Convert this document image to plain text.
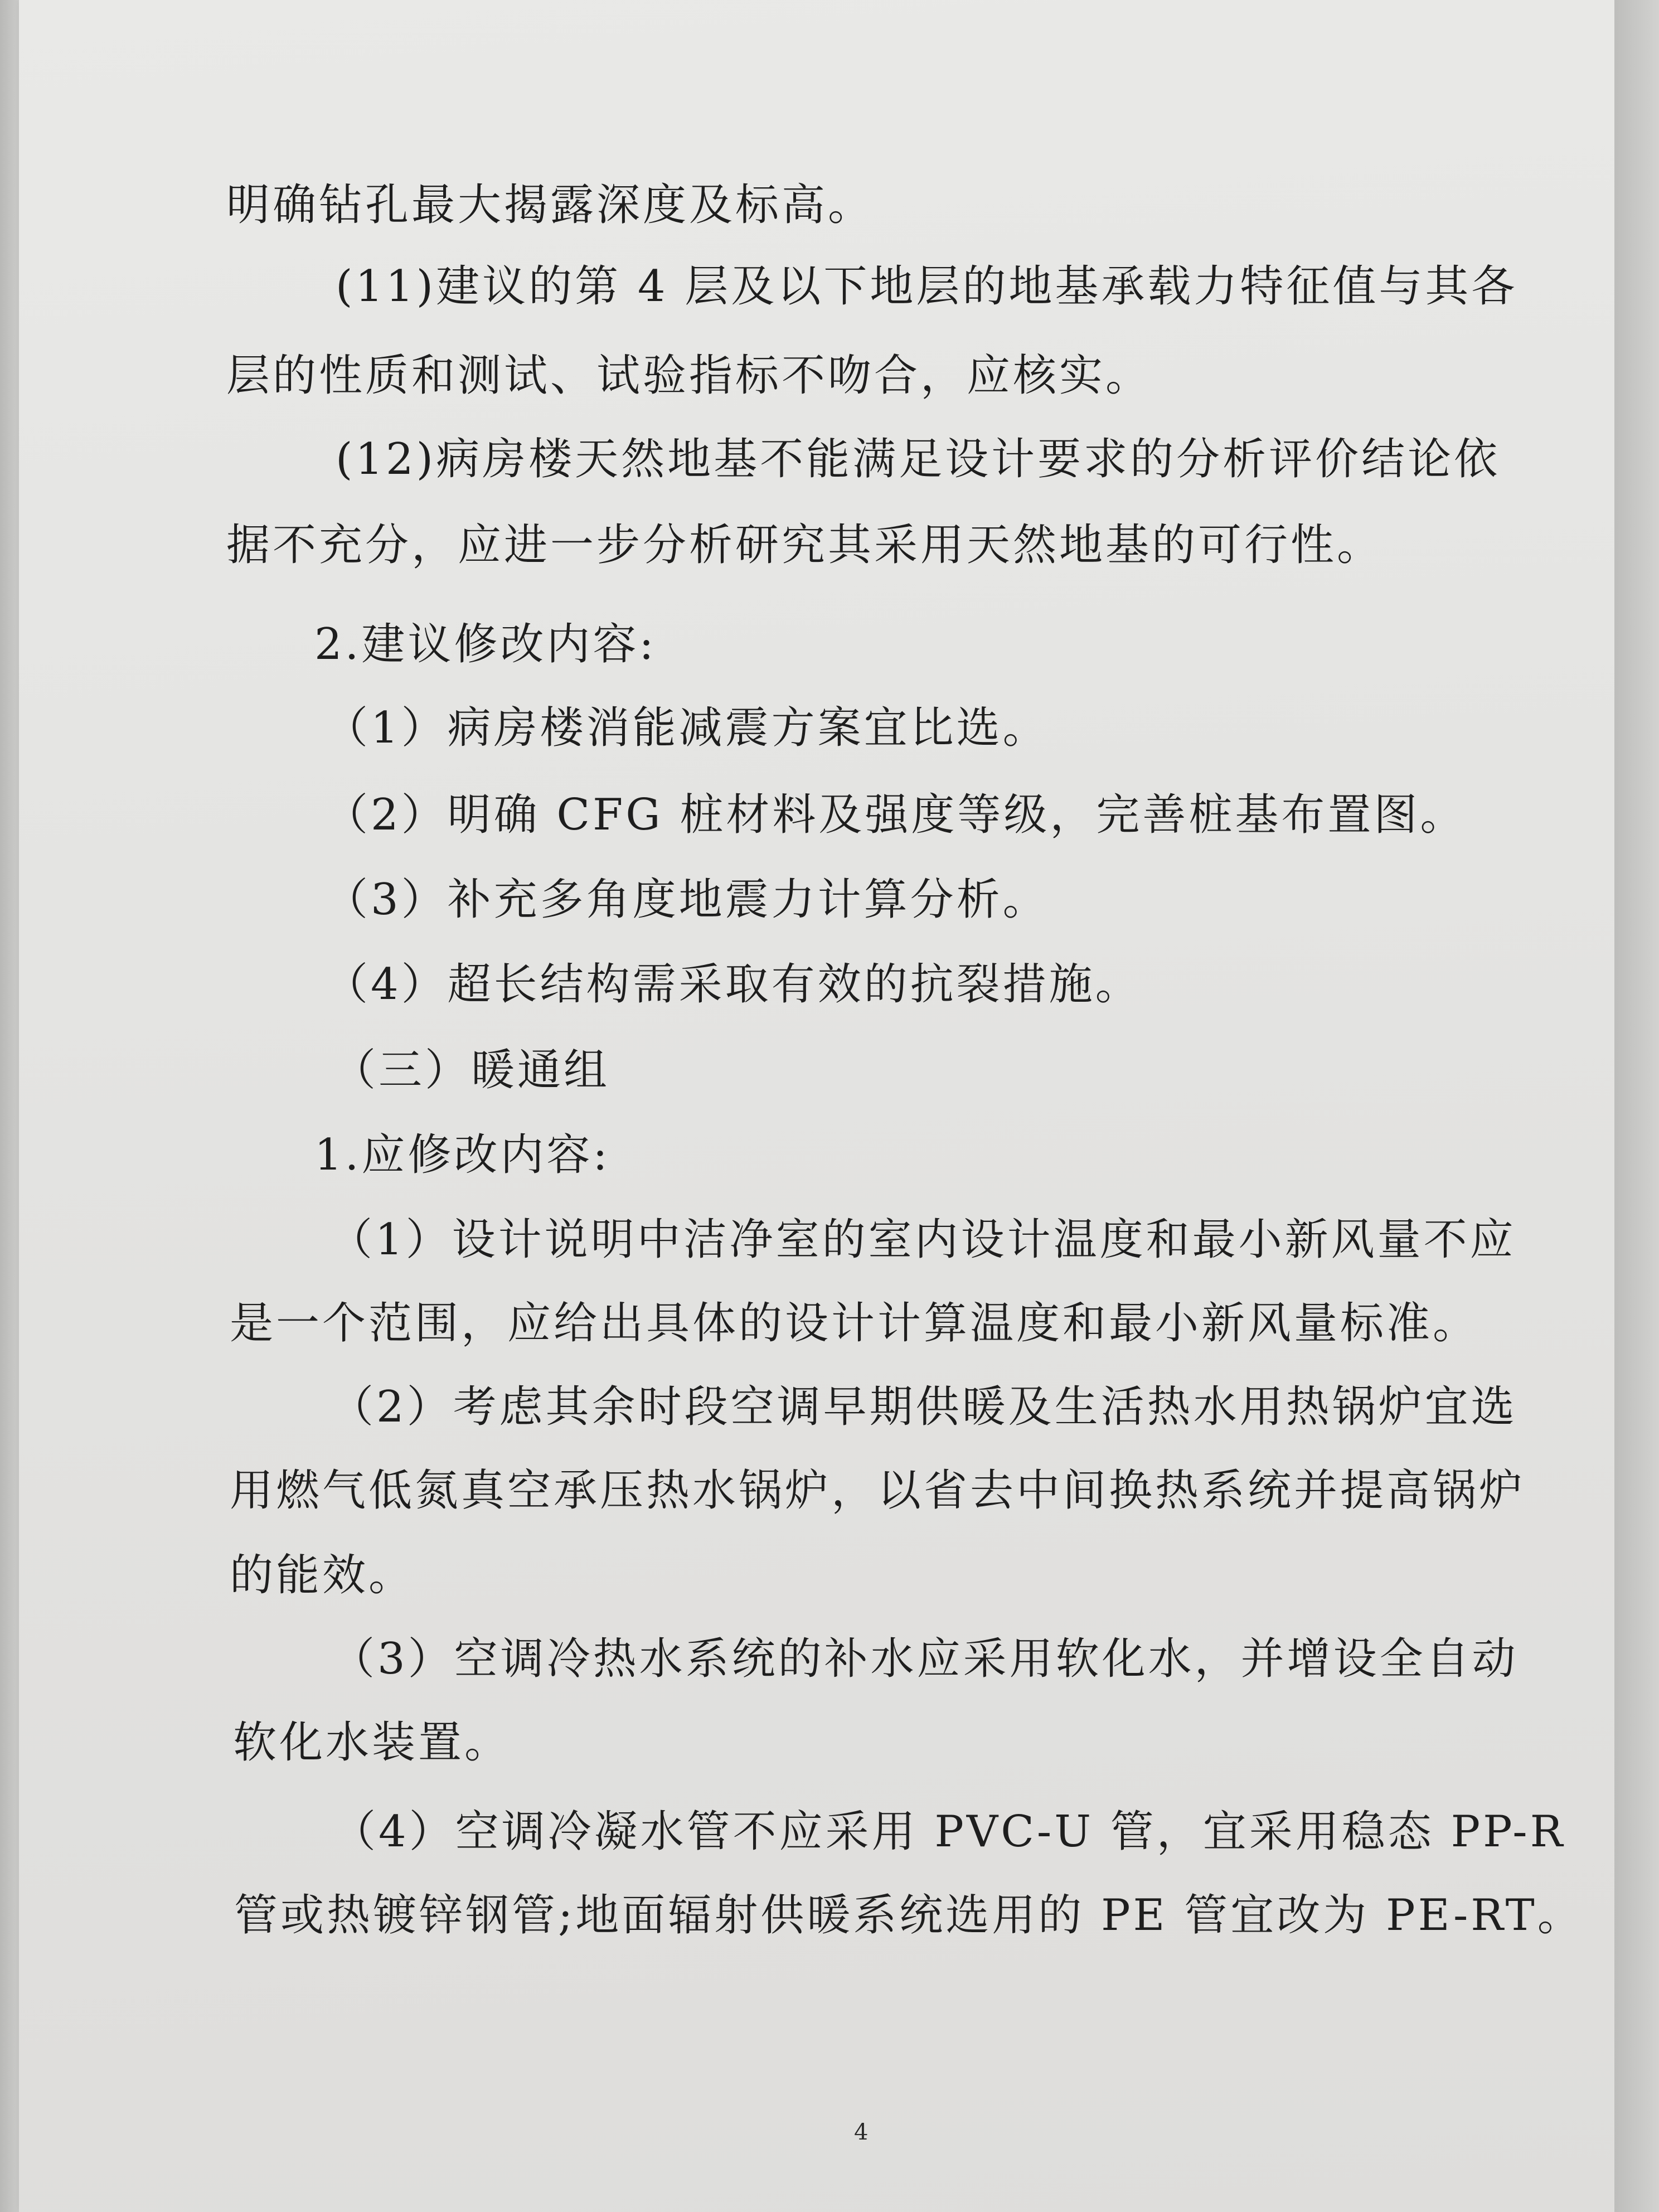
明确钻孔最大揭露深度及标高。
(11)建议的第 4 层及以下地层的地基承载力特征值与其各
层的性质和测试、试验指标不吻合，应核实。
(12)病房楼天然地基不能满足设计要求的分析评价结论依
据不充分，应进一步分析研究其采用天然地基的可行性。
2.建议修改内容:
（1）病房楼消能减震方案宜比选。
（2）明确 CFG 桩材料及强度等级，完善桩基布置图。
（3）补充多角度地震力计算分析。
（4）超长结构需采取有效的抗裂措施。
（三）暖通组
1.应修改内容:
（1）设计说明中洁净室的室内设计温度和最小新风量不应
是一个范围，应给出具体的设计计算温度和最小新风量标准。
（2）考虑其余时段空调早期供暖及生活热水用热锅炉宜选
用燃气低氮真空承压热水锅炉，以省去中间换热系统并提高锅炉
的能效。
（3）空调冷热水系统的补水应采用软化水，并增设全自动
软化水装置。
（4）空调冷凝水管不应采用 PVC-U 管，宜采用稳态 PP-R
管或热镀锌钢管;地面辐射供暖系统选用的 PE 管宜改为 PE-RT。
4
